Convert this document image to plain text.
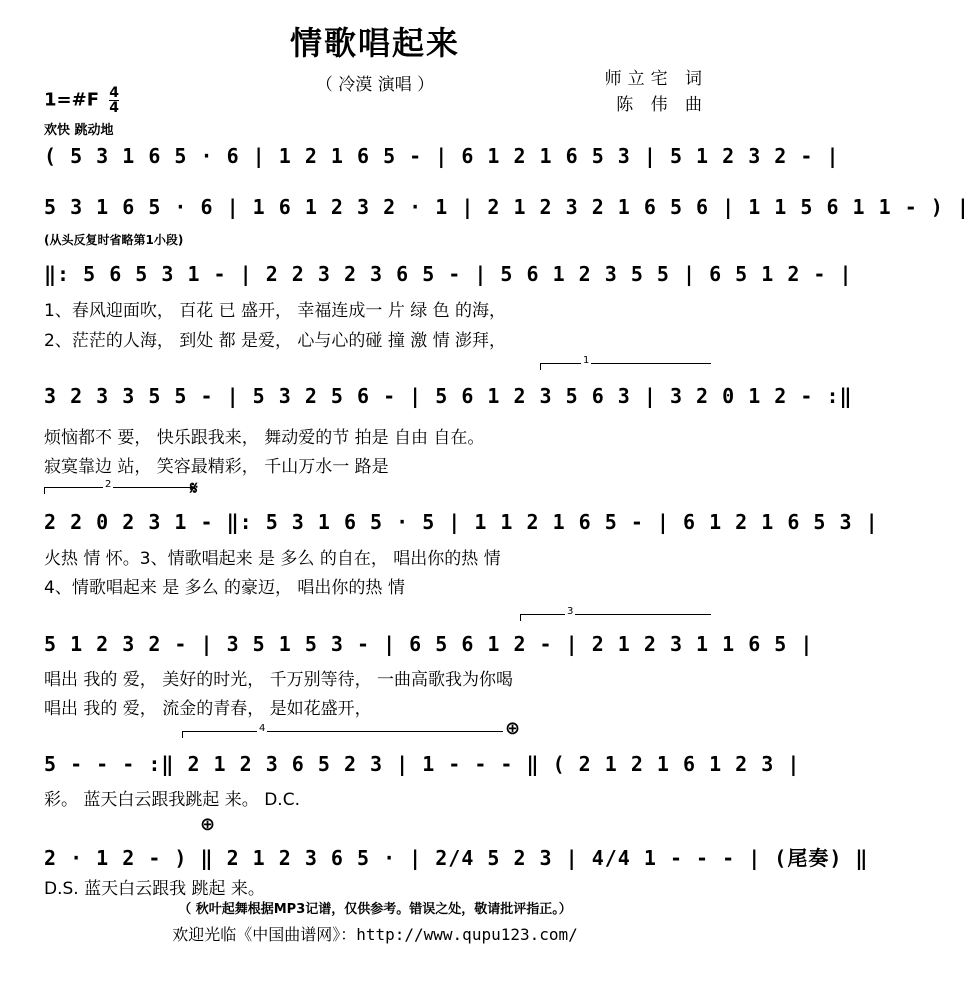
情歌唱起来
（ 冷漠 演唱 ）	师立宅 词
陈 伟 曲
1=#F $\frac{4}{4}$
欢快 跳动地
( 5 3 1 6 5 · 6 | 1 2 1 6 5 - | 6 1 2 1 6 5 3 | 5 1 2 3 2 - |
5 3 1 6 5 · 6 | 1 6 1 2 3 2 · 1 | 2 1 2 3 2 1 6 5 6 | 1 1 5 6 1 1 - ) |
(从头反复时省略第1小段)
‖: 5 6 5 3 1 - | 2 2 3 2 3 6 5 - | 5 6 1 2 3 5 5 | 6 5 1 2 - |
1、春风迎面吹， 百花 已 盛开， 幸福连成一 片 绿 色 的海，
2、茫茫的人海， 到处 都 是爱， 心与心的碰 撞 激 情 澎拜，
1
3 2 3 3 5 5 - | 5 3 2 5 6 - | 5 6 1 2 3 5 6 3 | 3 2 0 1 2 - :‖
烦恼都不 要， 快乐跟我来， 舞动爱的节 拍是 自由 自在。
寂寞靠边 站， 笑容最精彩， 千山万水一 路是
2	𝄋
2 2 0 2 3 1 - ‖: 5 3 1 6 5 · 5 | 1 1 2 1 6 5 - | 6 1 2 1 6 5 3 |
火热 情 怀。3、情歌唱起来 是 多么 的自在， 唱出你的热 情
4、情歌唱起来 是 多么 的豪迈， 唱出你的热 情
3
5 1 2 3 2 - | 3 5 1 5 3 - | 6 5 6 1 2 - | 2 1 2 3 1 1 6 5 |
唱出 我的 爱， 美好的时光， 千万别等待， 一曲高歌我为你喝
唱出 我的 爱， 流金的青春， 是如花盛开，
4	⊕
5 - - - :‖ 2 1 2 3 6 5 2 3 | 1 - - - ‖ ( 2 1 2 1 6 1 2 3 |
彩。 蓝天白云跟我跳起 来。 D.C.
⊕
2 · 1 2 - ) ‖ 2 1 2 3 6 5 · | 2/4 5 2 3 | 4/4 1 - - - | (尾奏) ‖
D.S. 蓝天白云跟我 跳起 来。
（ 秋叶起舞根据MP3记谱，仅供参考。错误之处，敬请批评指正。）
欢迎光临《中国曲谱网》：http://www.qupu123.com/
